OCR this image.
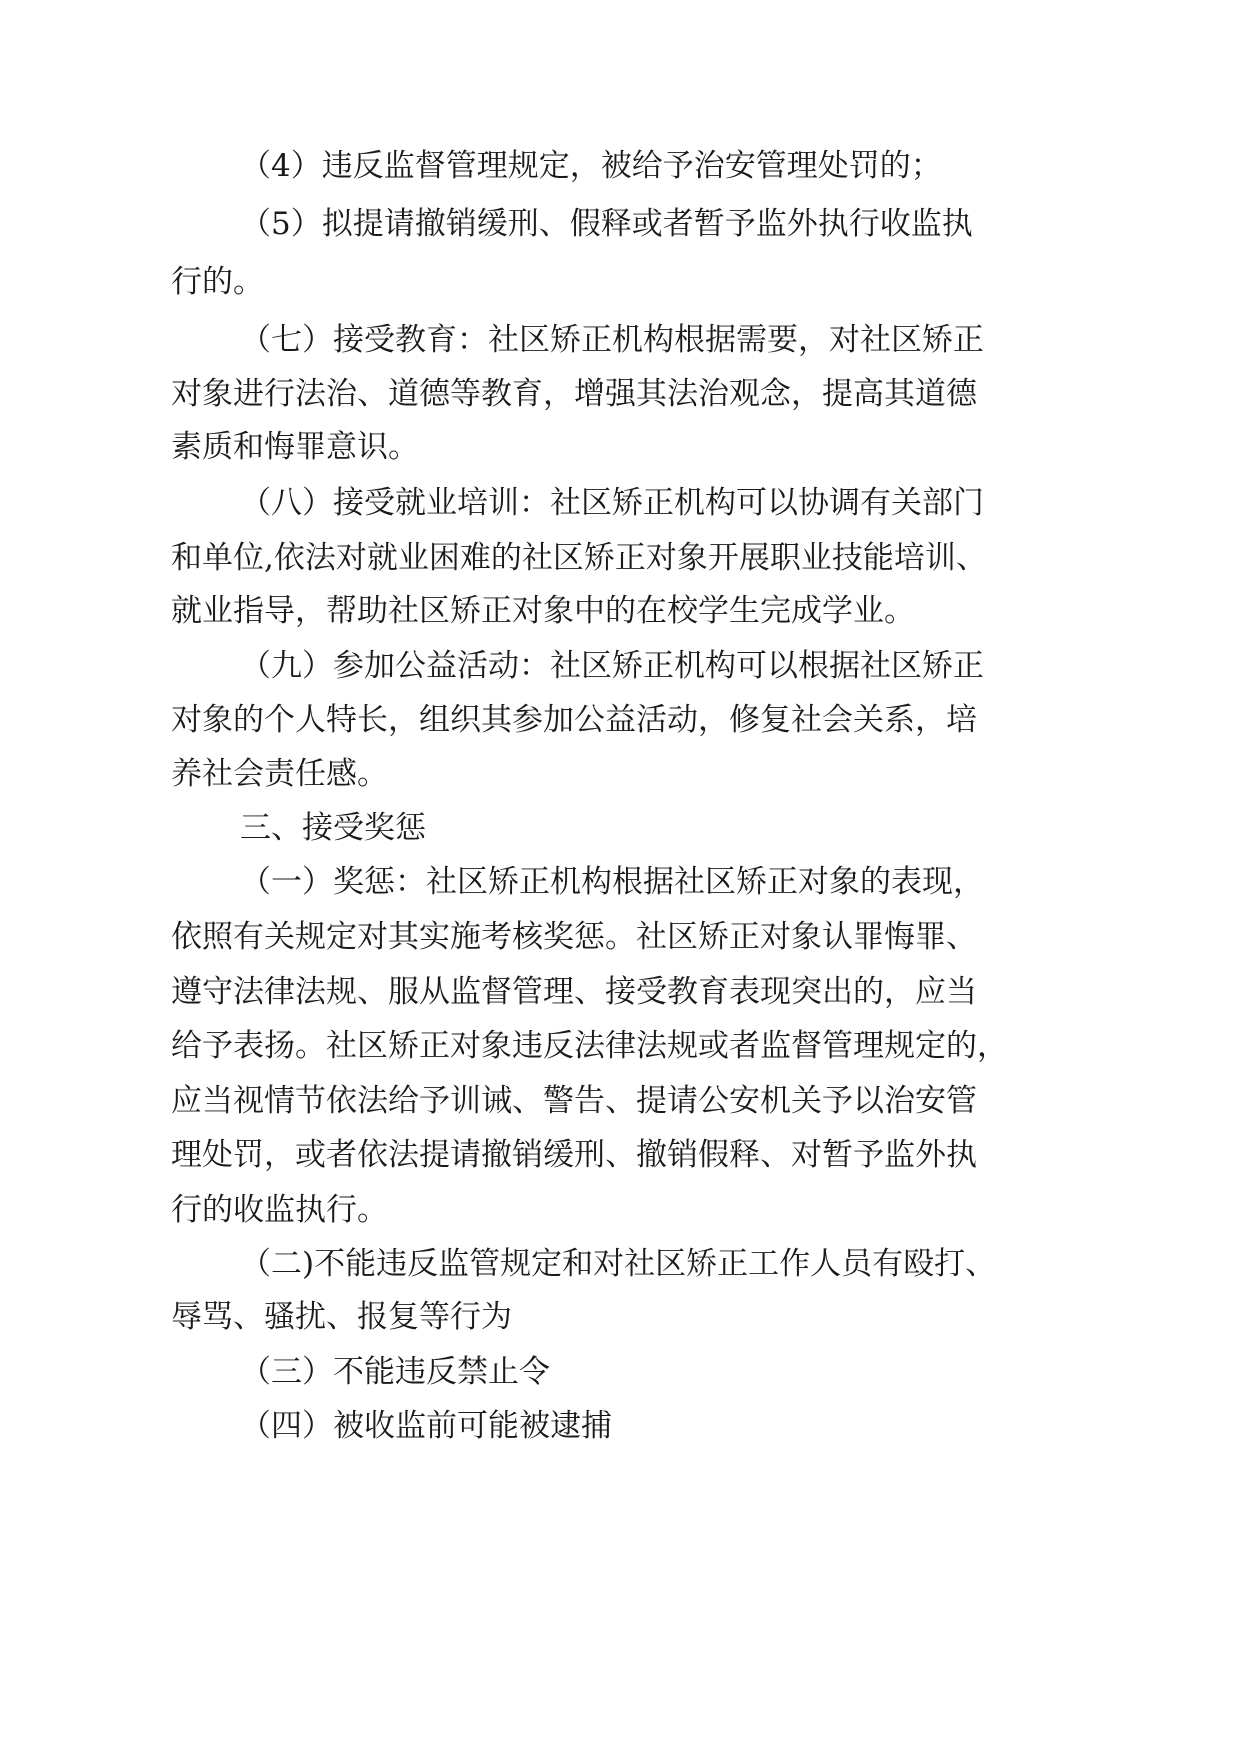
（4）违反监督管理规定，被给予治安管理处罚的；
（5）拟提请撤销缓刑、假释或者暂予监外执行收监执
行的。
（七）接受教育：社区矫正机构根据需要，对社区矫正
对象进行法治、道德等教育，增强其法治观念，提高其道德
素质和悔罪意识。
（八）接受就业培训：社区矫正机构可以协调有关部门
和单位,依法对就业困难的社区矫正对象开展职业技能培训、
就业指导，帮助社区矫正对象中的在校学生完成学业。
（九）参加公益活动：社区矫正机构可以根据社区矫正
对象的个人特长，组织其参加公益活动，修复社会关系，培
养社会责任感。
三、接受奖惩
（一）奖惩：社区矫正机构根据社区矫正对象的表现，
依照有关规定对其实施考核奖惩。社区矫正对象认罪悔罪、
遵守法律法规、服从监督管理、接受教育表现突出的，应当
给予表扬。社区矫正对象违反法律法规或者监督管理规定的，
应当视情节依法给予训诫、警告、提请公安机关予以治安管
理处罚，或者依法提请撤销缓刑、撤销假释、对暂予监外执
行的收监执行。
（二)不能违反监管规定和对社区矫正工作人员有殴打、
辱骂、骚扰、报复等行为
（三）不能违反禁止令
（四）被收监前可能被逮捕
